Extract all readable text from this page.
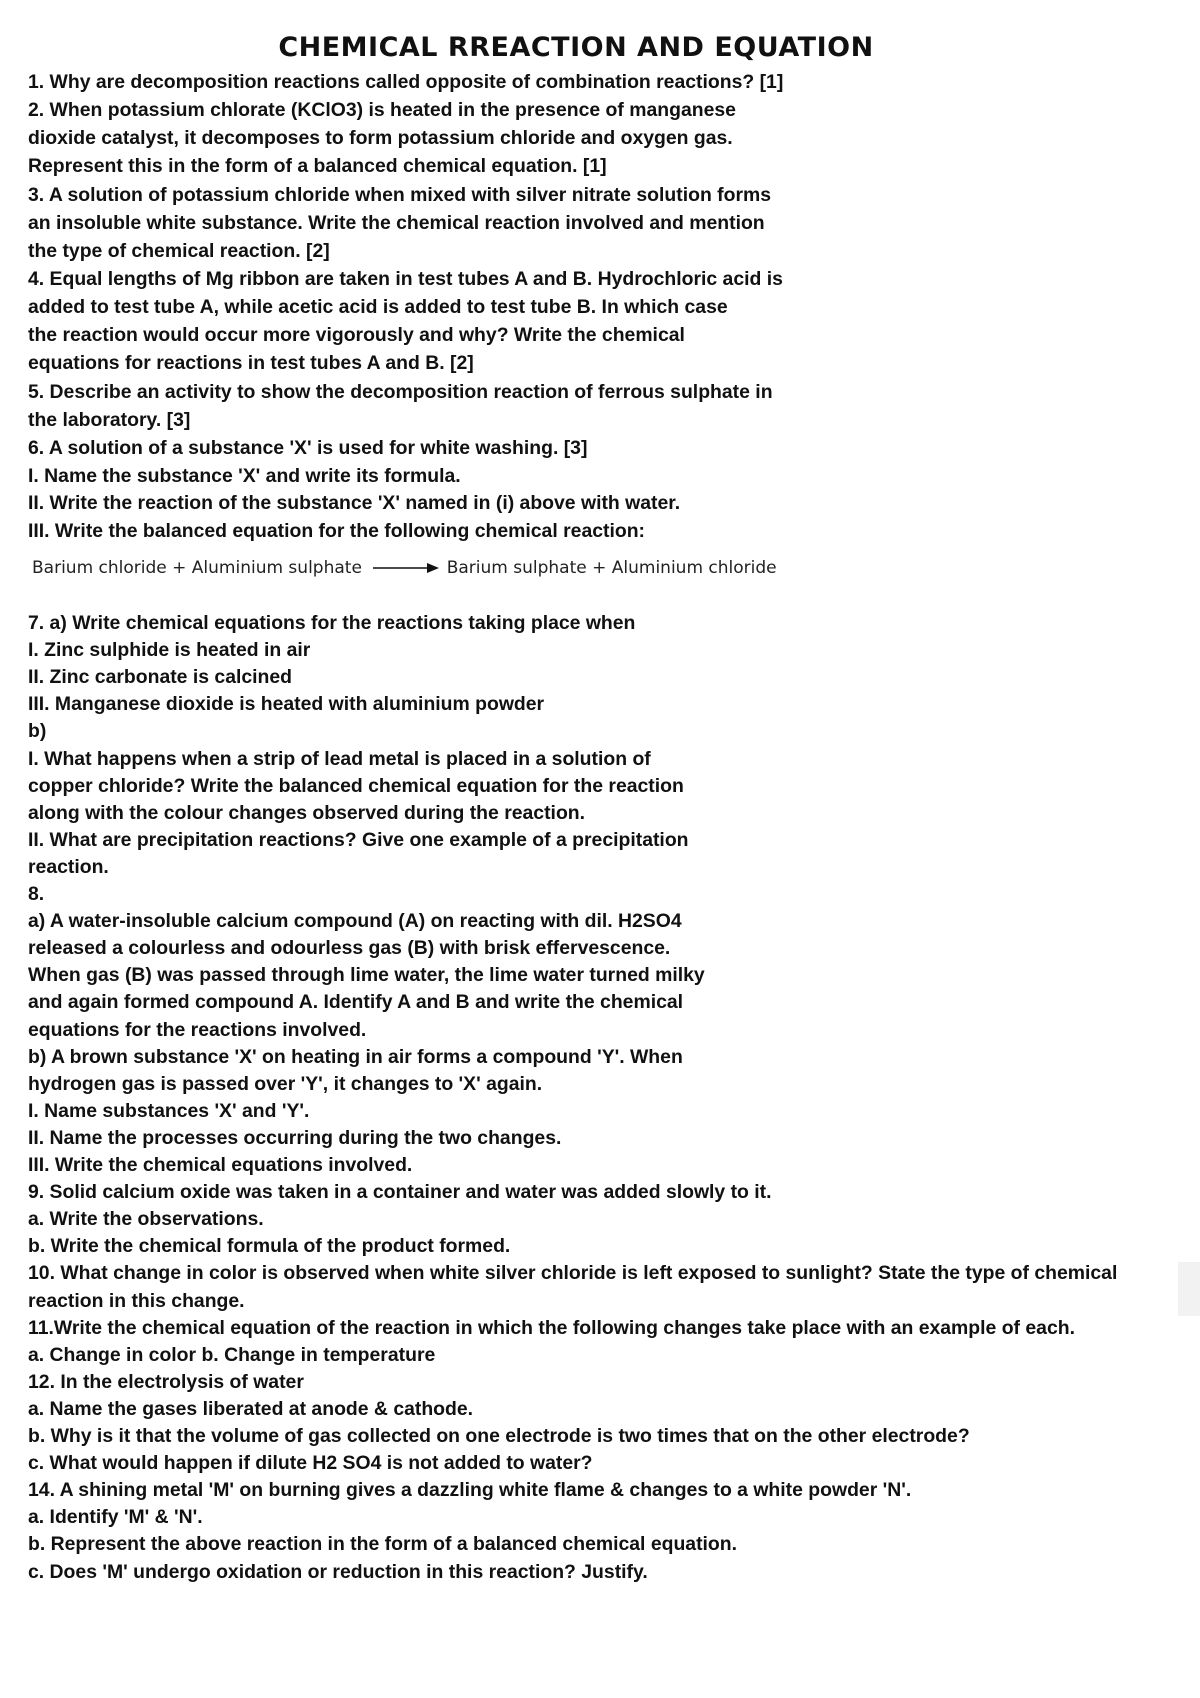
CHEMICAL RREACTION AND EQUATION
1. Why are decomposition reactions called opposite of combination reactions? [1]
2. When potassium chlorate (KClO3) is heated in the presence of manganese
dioxide catalyst, it decomposes to form potassium chloride and oxygen gas.
Represent this in the form of a balanced chemical equation. [1]
3. A solution of potassium chloride when mixed with silver nitrate solution forms
an insoluble white substance. Write the chemical reaction involved and mention
the type of chemical reaction. [2]
4. Equal lengths of Mg ribbon are taken in test tubes A and B. Hydrochloric acid is
added to test tube A, while acetic acid is added to test tube B. In which case
the reaction would occur more vigorously and why? Write the chemical
equations for reactions in test tubes A and B. [2]
5. Describe an activity to show the decomposition reaction of ferrous sulphate in
the laboratory. [3]
6. A solution of a substance 'X' is used for white washing. [3]
I. Name the substance 'X' and write its formula.
II. Write the reaction of the substance 'X' named in (i) above with water.
III. Write the balanced equation for the following chemical reaction:
Barium chloride + Aluminium sulphate → Barium sulphate + Aluminium chloride
7. a) Write chemical equations for the reactions taking place when
I. Zinc sulphide is heated in air
II. Zinc carbonate is calcined
III. Manganese dioxide is heated with aluminium powder
b)
I. What happens when a strip of lead metal is placed in a solution of
copper chloride? Write the balanced chemical equation for the reaction
along with the colour changes observed during the reaction.
II. What are precipitation reactions? Give one example of a precipitation
reaction.
8.
a) A water-insoluble calcium compound (A) on reacting with dil. H2SO4
released a colourless and odourless gas (B) with brisk effervescence.
When gas (B) was passed through lime water, the lime water turned milky
and again formed compound A. Identify A and B and write the chemical
equations for the reactions involved.
b) A brown substance 'X' on heating in air forms a compound 'Y'. When
hydrogen gas is passed over 'Y', it changes to 'X' again.
I. Name substances 'X' and 'Y'.
II. Name the processes occurring during the two changes.
III. Write the chemical equations involved.
9. Solid calcium oxide was taken in a container and water was added slowly to it.
a. Write the observations.
b. Write the chemical formula of the product formed.
10. What change in color is observed when white silver chloride is left exposed to sunlight? State the type of chemical
reaction in this change.
11.Write the chemical equation of the reaction in which the following changes take place with an example of each.
a. Change in color b. Change in temperature
12. In the electrolysis of water
a. Name the gases liberated at anode & cathode.
b. Why is it that the volume of gas collected on one electrode is two times that on the other electrode?
c. What would happen if dilute H2 SO4 is not added to water?
14. A shining metal 'M' on burning gives a dazzling white flame & changes to a white powder 'N'.
a. Identify 'M' & 'N'.
b. Represent the above reaction in the form of a balanced chemical equation.
c. Does 'M' undergo oxidation or reduction in this reaction? Justify.
